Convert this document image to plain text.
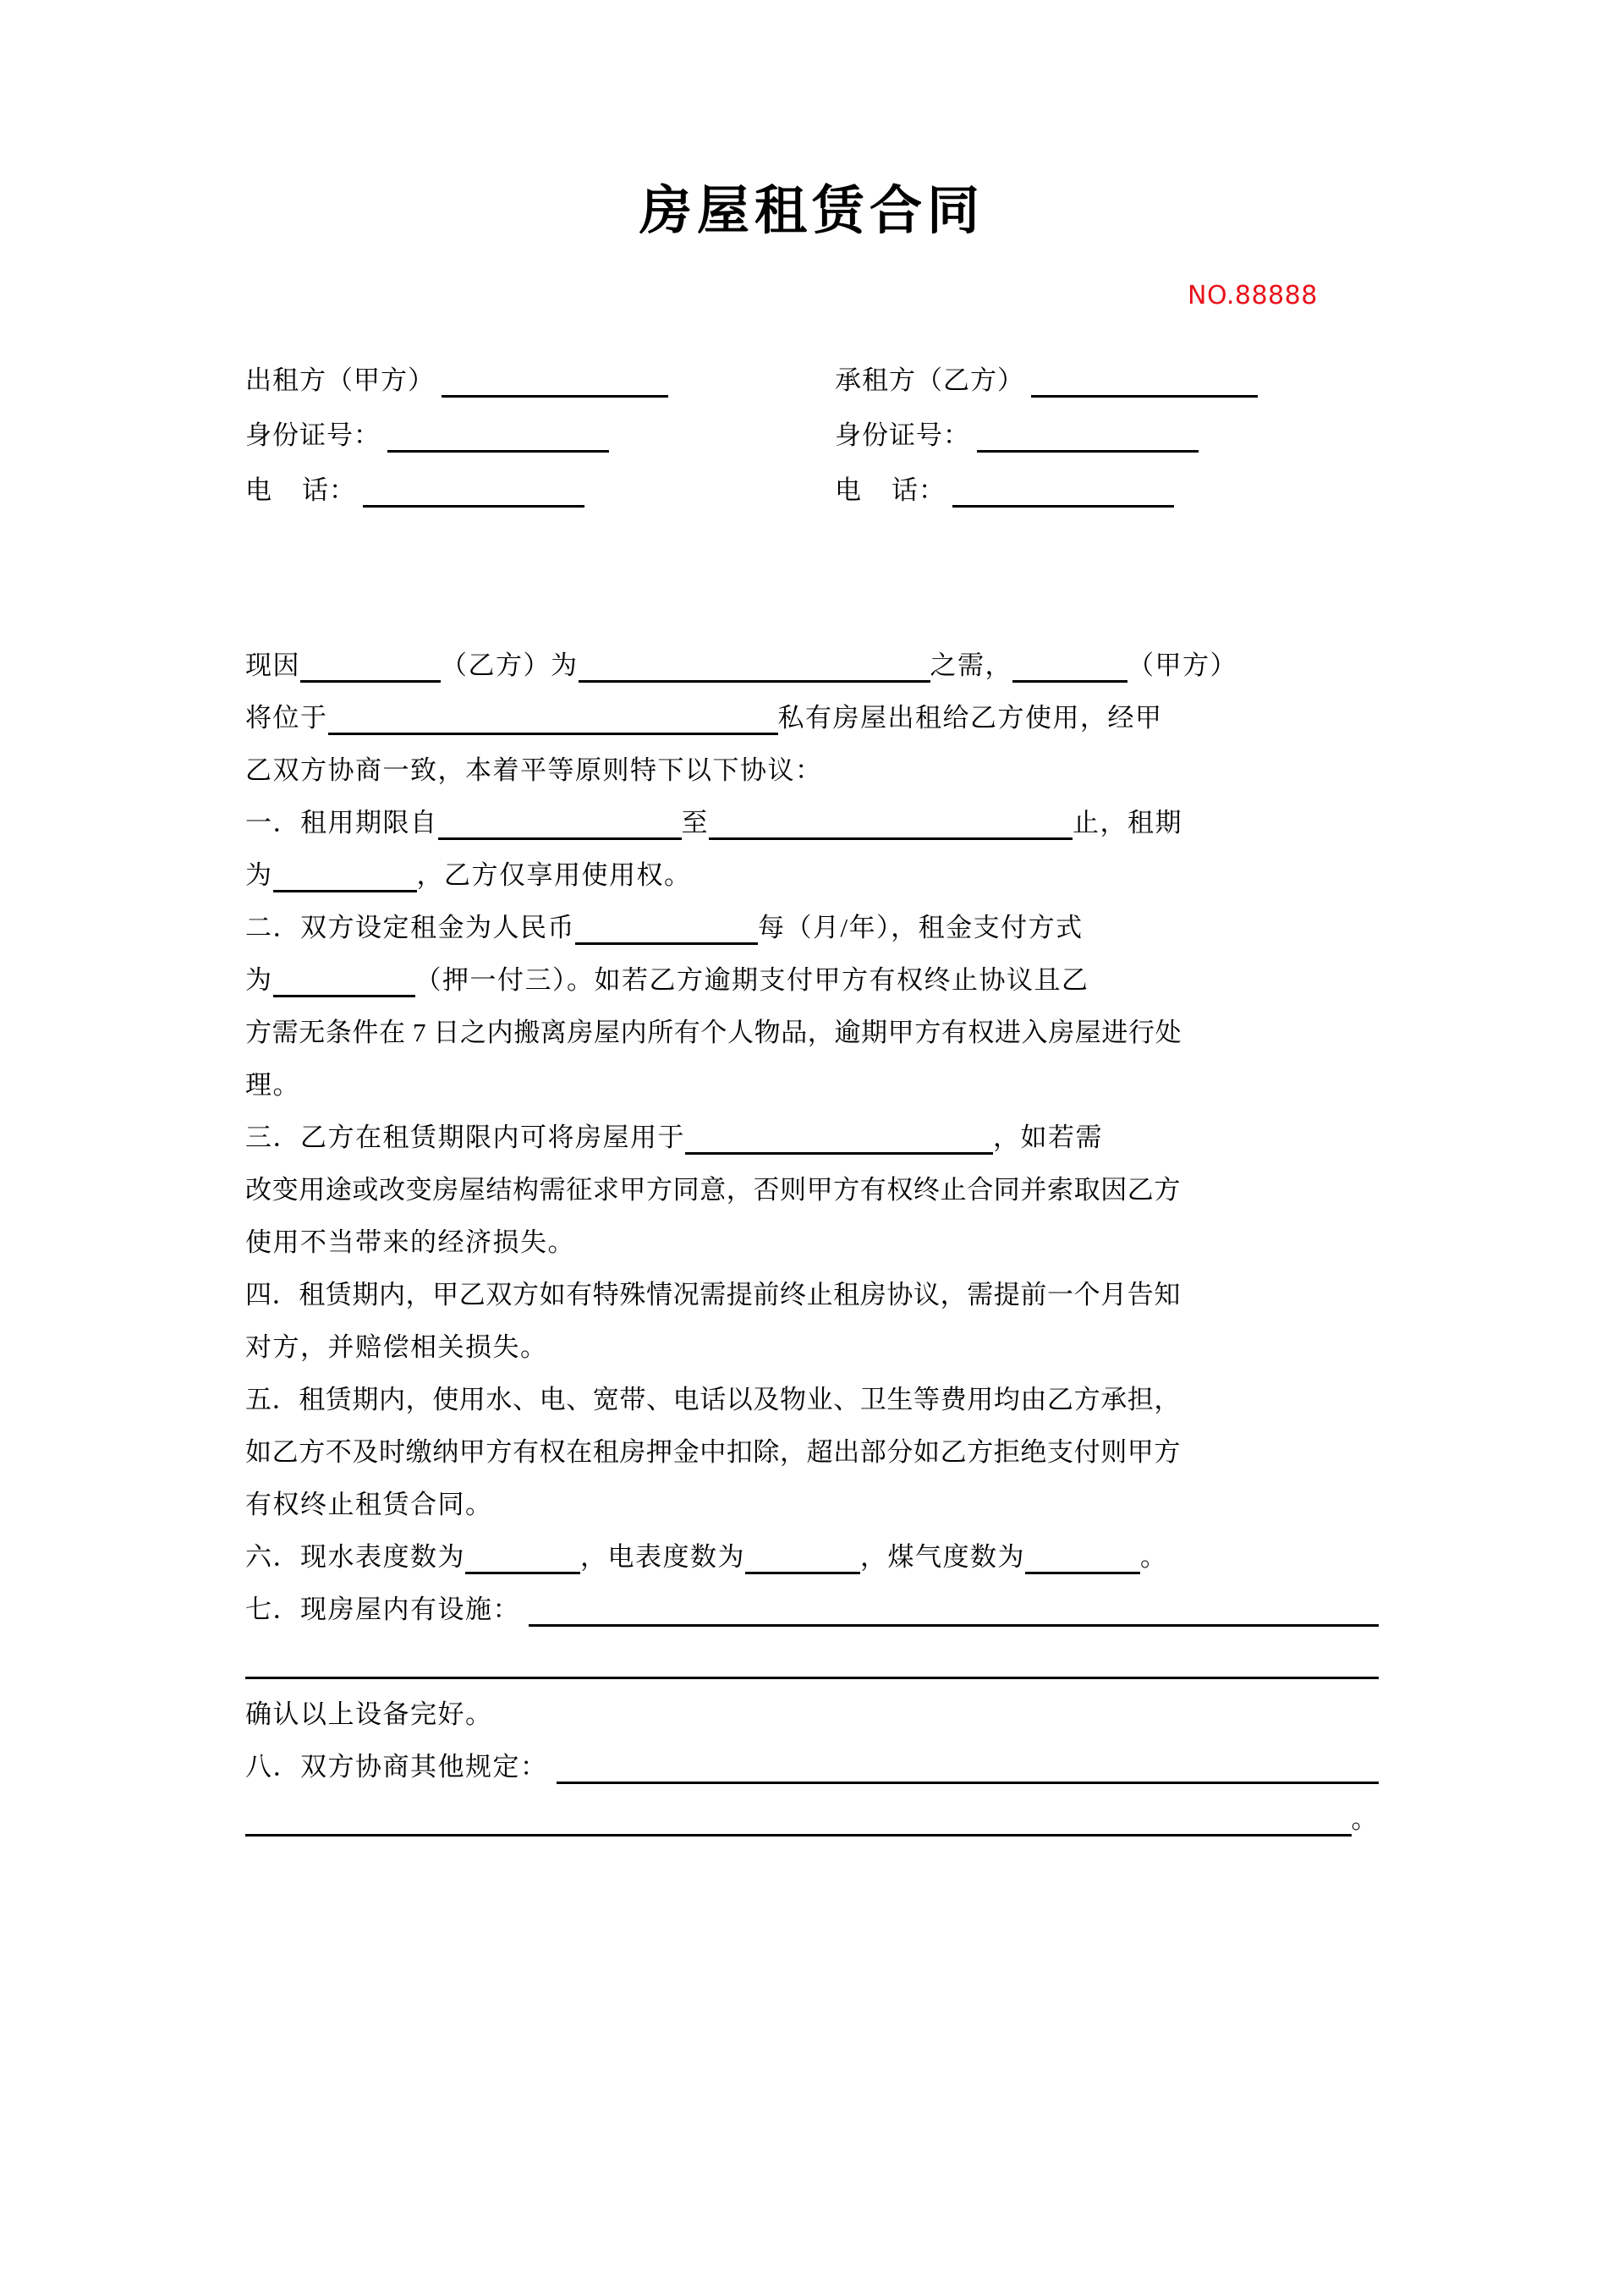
房屋租赁合同
NO.88888
出租方（甲方）	承租方（乙方）
身份证号：	身份证号：
电    话：	电    话：
现因	（乙方）为	之需，	（甲方）
将位于	私有房屋出租给乙方使用，经甲
乙双方协商一致，本着平等原则特下以下协议：
一．租用期限自	至	止，租期
为	，乙方仅享用使用权。
二．双方设定租金为人民币	每（月/年），租金支付方式
为	（押一付三）。如若乙方逾期支付甲方有权终止协议且乙
方需无条件在 7 日之内搬离房屋内所有个人物品，逾期甲方有权进入房屋进行处
理。
三．乙方在租赁期限内可将房屋用于	，如若需
改变用途或改变房屋结构需征求甲方同意，否则甲方有权终止合同并索取因乙方
使用不当带来的经济损失。
四．租赁期内，甲乙双方如有特殊情况需提前终止租房协议，需提前一个月告知
对方，并赔偿相关损失。
五．租赁期内，使用水、电、宽带、电话以及物业、卫生等费用均由乙方承担，
如乙方不及时缴纳甲方有权在租房押金中扣除，超出部分如乙方拒绝支付则甲方
有权终止租赁合同。
六．现水表度数为	，电表度数为	，煤气度数为	。
七．现房屋内有设施：
确认以上设备完好。
八．双方协商其他规定：
。
